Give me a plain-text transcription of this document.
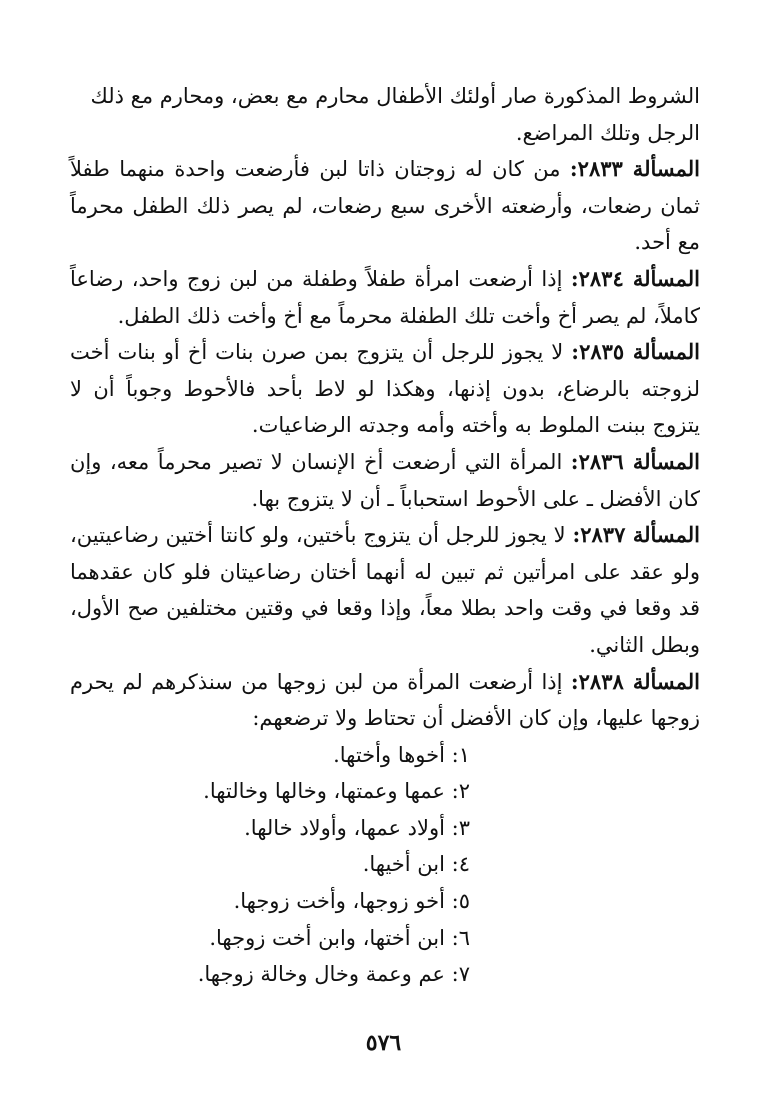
الشروط المذكورة صار أولئك الأطفال محارم مع بعض، ومحارم مع ذلك الرجل وتلك المراضع.

المسألة ٢٨٣٣: من كان له زوجتان ذاتا لبن فأرضعت واحدة منهما طفلاً ثمان رضعات، وأرضعته الأخرى سبع رضعات، لم يصر ذلك الطفل محرماً مع أحد.

المسألة ٢٨٣٤: إذا أرضعت امرأة طفلاً وطفلة من لبن زوج واحد، رضاعاً كاملاً، لم يصر أخ وأخت تلك الطفلة محرماً مع أخ وأخت ذلك الطفل.

المسألة ٢٨٣٥: لا يجوز للرجل أن يتزوج بمن صرن بنات أخ أو بنات أخت لزوجته بالرضاع، بدون إذنها، وهكذا لو لاط بأحد فالأحوط وجوباً أن لا يتزوج ببنت الملوط به وأخته وأمه وجدته الرضاعيات.

المسألة ٢٨٣٦: المرأة التي أرضعت أخ الإنسان لا تصير محرماً معه، وإن كان الأفضل ـ على الأحوط استحباباً ـ أن لا يتزوج بها.

المسألة ٢٨٣٧: لا يجوز للرجل أن يتزوج بأختين، ولو كانتا أختين رضاعيتين، ولو عقد على امرأتين ثم تبين له أنهما أختان رضاعيتان فلو كان عقدهما قد وقعا في وقت واحد بطلا معاً، وإذا وقعا في وقتين مختلفين صح الأول، وبطل الثاني.

المسألة ٢٨٣٨: إذا أرضعت المرأة من لبن زوجها من سنذكرهم لم يحرم زوجها عليها، وإن كان الأفضل أن تحتاط ولا ترضعهم:

١: أخوها وأختها.
٢: عمها وعمتها، وخالها وخالتها.
٣: أولاد عمها، وأولاد خالها.
٤: ابن أخيها.
٥: أخو زوجها، وأخت زوجها.
٦: ابن أختها، وابن أخت زوجها.
٧: عم وعمة وخال وخالة زوجها.
٥٧٦
